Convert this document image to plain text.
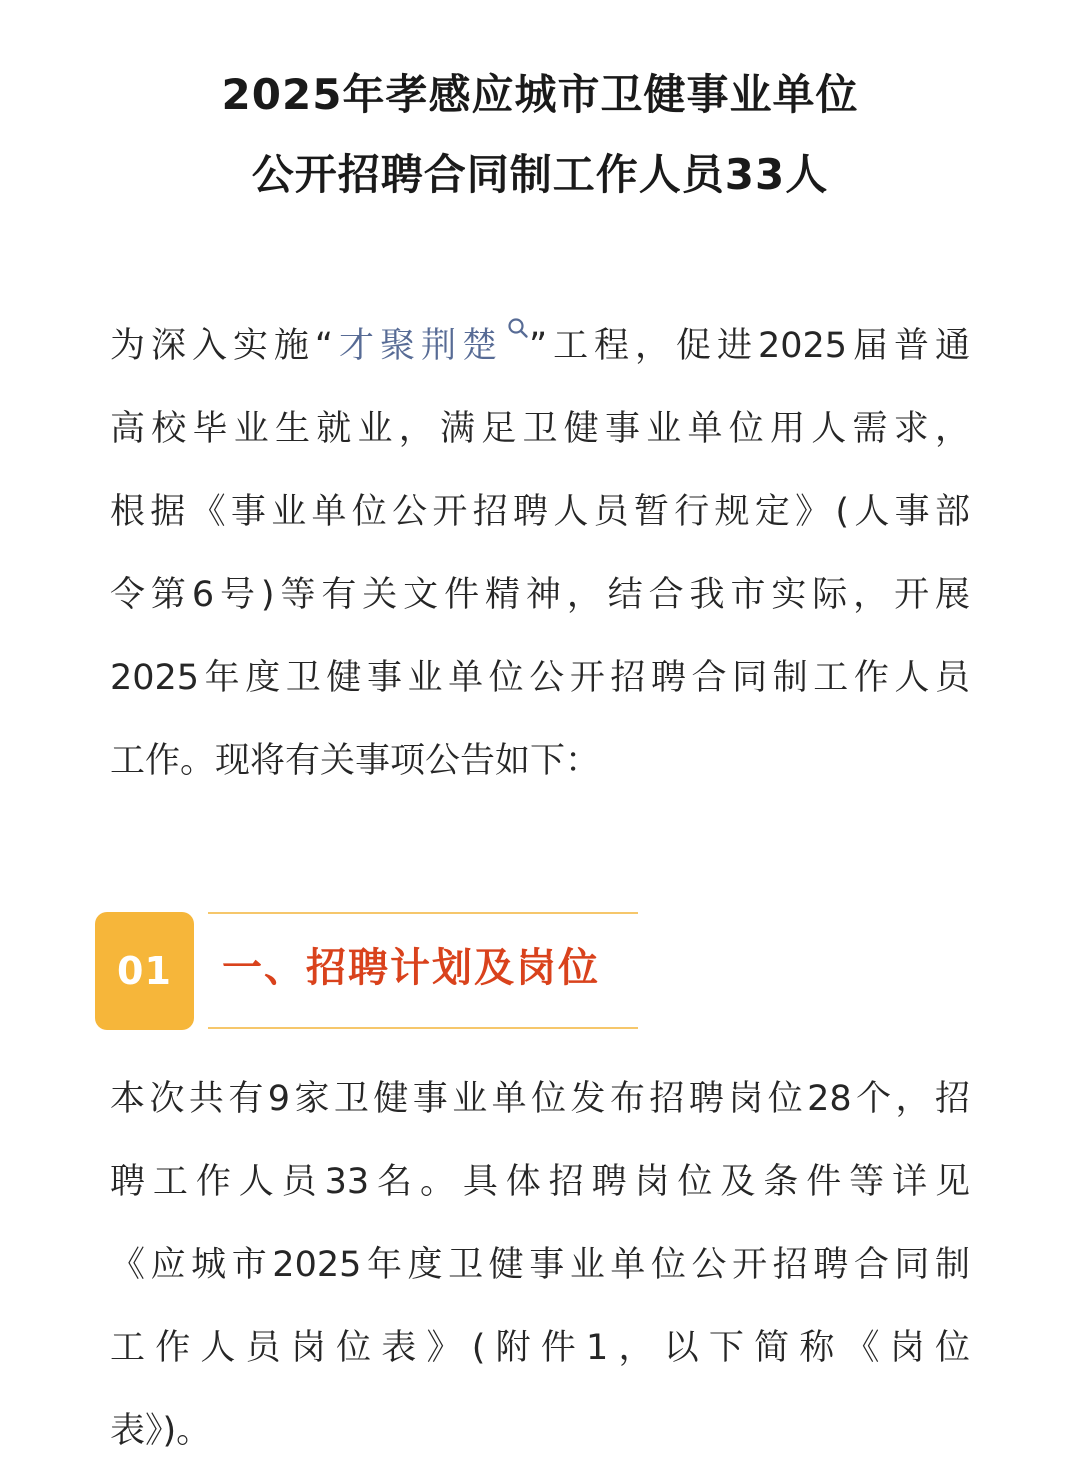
2025年孝感应城市卫健事业单位
公开招聘合同制工作人员33人
为深入实施“才聚荆楚 ”工程，促进2025届普通
高校毕业生就业，满足卫健事业单位用人需求，
根据《事业单位公开招聘人员暂行规定》(人事部
令第6号)等有关文件精神，结合我市实际，开展
2025年度卫健事业单位公开招聘合同制工作人员
工作。现将有关事项公告如下：
01	一、招聘计划及岗位
本次共有9家卫健事业单位发布招聘岗位28个，招
聘工作人员33名。具体招聘岗位及条件等详见
《应城市2025年度卫健事业单位公开招聘合同制
工作人员岗位表》(附件1，以下简称《岗位
表》)。
